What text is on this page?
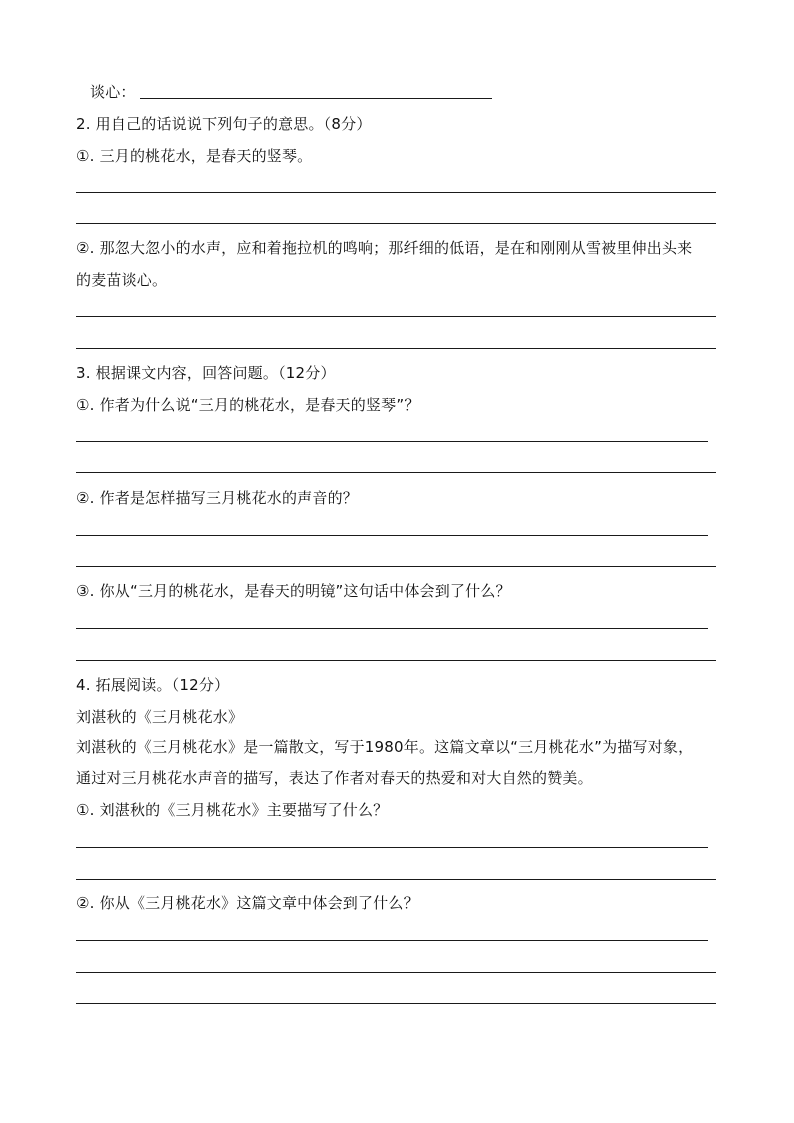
谈心：
2. 用自己的话说说下列句子的意思。（8分）
①. 三月的桃花水，是春天的竖琴。
②. 那忽大忽小的水声，应和着拖拉机的鸣响；那纤细的低语，是在和刚刚从雪被里伸出头来
的麦苗谈心。
3. 根据课文内容，回答问题。（12分）
①. 作者为什么说“三月的桃花水，是春天的竖琴”？
②. 作者是怎样描写三月桃花水的声音的？
③. 你从“三月的桃花水，是春天的明镜”这句话中体会到了什么？
4. 拓展阅读。（12分）
刘湛秋的《三月桃花水》
刘湛秋的《三月桃花水》是一篇散文，写于1980年。这篇文章以“三月桃花水”为描写对象，
通过对三月桃花水声音的描写，表达了作者对春天的热爱和对大自然的赞美。
①. 刘湛秋的《三月桃花水》主要描写了什么？
②. 你从《三月桃花水》这篇文章中体会到了什么？
